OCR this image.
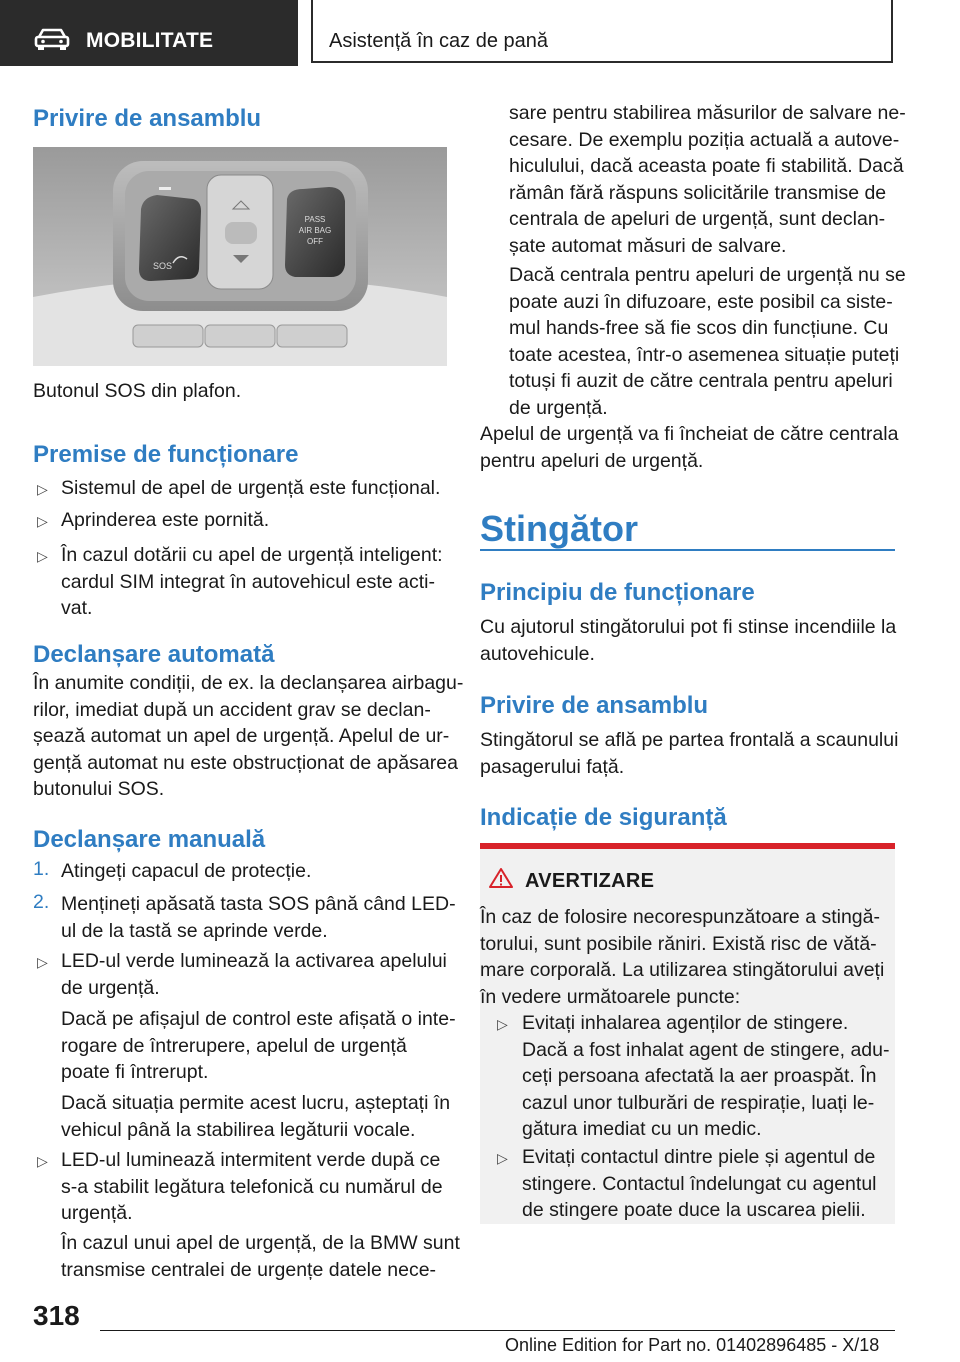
MOBILITATE	Asistență în caz de pană
Privire de ansamblu
SOS
PASS
AIR BAG
OFF
Butonul SOS din plafon.
Premise de funcționare
▷ Sistemul de apel de urgență este funcțional.
▷ Aprinderea este pornită.
▷ În cazul dotării cu apel de urgență inteligent:
cardul SIM integrat în autovehicul este acti-
vat.
Declanșare automată
În anumite condiții, de ex. la declanșarea airbagu-
rilor, imediat după un accident grav se declan-
șează automat un apel de urgență. Apelul de ur-
gență automat nu este obstrucționat de apăsarea
butonului SOS.
Declanșare manuală
1. Atingeți capacul de protecție.
2. Mențineți apăsată tasta SOS până când LED-
ul de la tastă se aprinde verde.
▷ LED-ul verde luminează la activarea apelului
de urgență.
Dacă pe afișajul de control este afișată o inte-
rogare de întrerupere, apelul de urgență
poate fi întrerupt.
Dacă situația permite acest lucru, așteptați în
vehicul până la stabilirea legăturii vocale.
▷ LED-ul luminează intermitent verde după ce
s-a stabilit legătura telefonică cu numărul de
urgență.
În cazul unui apel de urgență, de la BMW sunt
transmise centralei de urgențe datele nece-
sare pentru stabilirea măsurilor de salvare ne-
cesare. De exemplu poziția actuală a autove-
hiculului, dacă aceasta poate fi stabilită. Dacă
rămân fără răspuns solicitările transmise de
centrala de apeluri de urgență, sunt declan-
șate automat măsuri de salvare.
Dacă centrala pentru apeluri de urgență nu se
poate auzi în difuzoare, este posibil ca siste-
mul hands-free să fie scos din funcțiune. Cu
toate acestea, într-o asemenea situație puteți
totuși fi auzit de către centrala pentru apeluri
de urgență.
Apelul de urgență va fi încheiat de către centrala
pentru apeluri de urgență.
Stingător
Principiu de funcționare
Cu ajutorul stingătorului pot fi stinse incendiile la
autovehicule.
Privire de ansamblu
Stingătorul se află pe partea frontală a scaunului
pasagerului față.
Indicație de siguranță
AVERTIZARE
În caz de folosire necorespunzătoare a stingă-
torului, sunt posibile răniri. Există risc de vătă-
mare corporală. La utilizarea stingătorului aveți
în vedere următoarele puncte:
▷ Evitați inhalarea agenților de stingere.
Dacă a fost inhalat agent de stingere, adu-
ceți persoana afectată la aer proaspăt. În
cazul unor tulburări de respirație, luați le-
gătura imediat cu un medic.
▷ Evitați contactul dintre piele și agentul de
stingere. Contactul îndelungat cu agentul
de stingere poate duce la uscarea pielii.
318
Online Edition for Part no. 01402896485 - X/18
